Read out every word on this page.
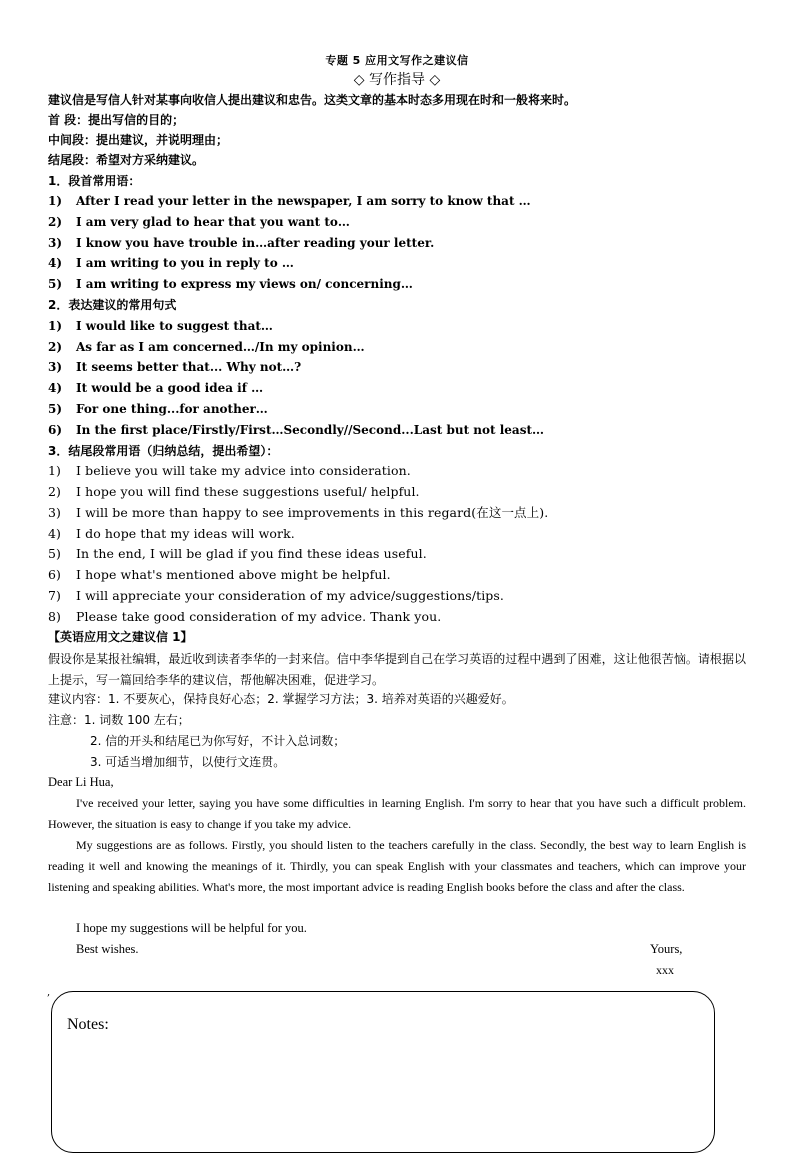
专题 5 应用文写作之建议信
◇ 写作指导 ◇
建议信是写信人针对某事向收信人提出建议和忠告。这类文章的基本时态多用现在时和一般将来时。
首 段：提出写信的目的；
中间段：提出建议，并说明理由；
结尾段：希望对方采纳建议。
1．段首常用语：
1) After I read your letter in the newspaper, I am sorry to know that …
2) I am very glad to hear that you want to…
3) I know you have trouble in…after reading your letter.
4) I am writing to you in reply to …
5) I am writing to express my views on/ concerning…
2．表达建议的常用句式
1) I would like to suggest that…
2) As far as I am concerned…/In my opinion…
3) It seems better that... Why not…?
4) It would be a good idea if …
5) For one thing...for another…
6) In the first place/Firstly/First…Secondly//Second...Last but not least…
3．结尾段常用语（归纳总结，提出希望）：
1) I believe you will take my advice into consideration.
2) I hope you will find these suggestions useful/ helpful.
3) I will be more than happy to see improvements in this regard(在这一点上).
4) I do hope that my ideas will work.
5) In the end, I will be glad if you find these ideas useful.
6) I hope what's mentioned above might be helpful.
7) I will appreciate your consideration of my advice/suggestions/tips.
8) Please take good consideration of my advice. Thank you.
【英语应用文之建议信 1】
假设你是某报社编辑，最近收到读者李华的一封来信。信中李华提到自己在学习英语的过程中遇到了困难，这让他很苦恼。请根据以上提示，写一篇回给李华的建议信，帮他解决困难，促进学习。
建议内容：1. 不要灰心，保持良好心态；2. 掌握学习方法；3. 培养对英语的兴趣爱好。
注意：1. 词数 100 左右；
2. 信的开头和结尾已为你写好，不计入总词数；
3. 可适当增加细节，以使行文连贯。
Dear Li Hua,
I've received your letter, saying you have some difficulties in learning English. I'm sorry to hear that you have such a difficult problem. However, the situation is easy to change if you take my advice.
My suggestions are as follows. Firstly, you should listen to the teachers carefully in the class. Secondly, the best way to learn English is reading it well and knowing the meanings of it. Thirdly, you can speak English with your classmates and teachers, which can improve your listening and speaking abilities. What's more, the most important advice is reading English books before the class and after the class.
I hope my suggestions will be helpful for you.
Best wishes.	Yours,
xxx
,
Notes:
